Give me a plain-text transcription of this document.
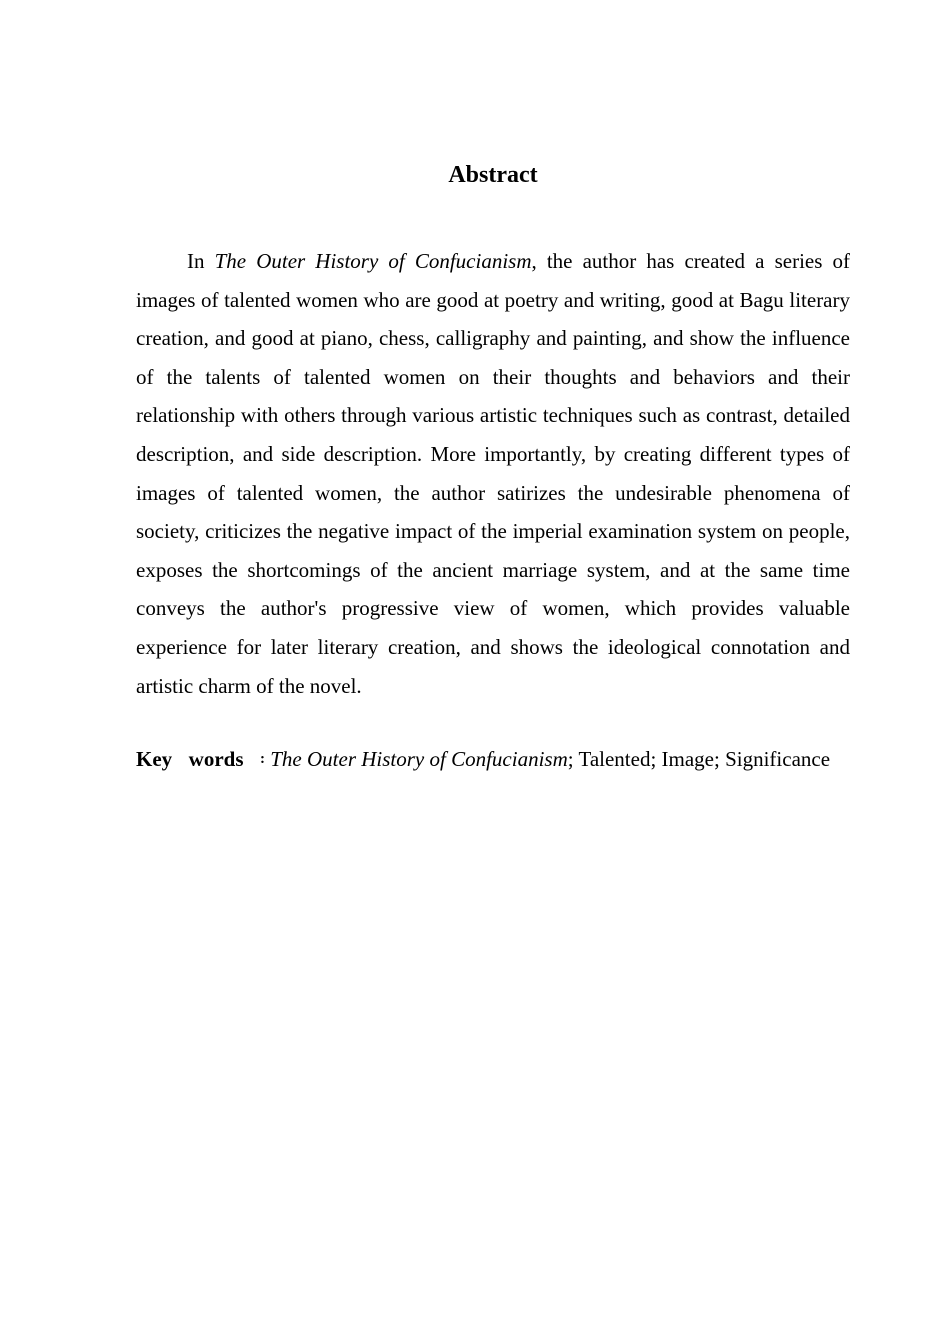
Abstract

In The Outer History of Confucianism, the author has created a series of images of talented women who are good at poetry and writing, good at Bagu literary creation, and good at piano, chess, calligraphy and painting, and show the influence of the talents of talented women on their thoughts and behaviors and their relationship with others through various artistic techniques such as contrast, detailed description, and side description. More importantly, by creating different types of images of talented women, the author satirizes the undesirable phenomena of society, criticizes the negative impact of the imperial examination system on people, exposes the shortcomings of the ancient marriage system, and at the same time conveys the author's progressive view of women, which provides valuable experience for later literary creation, and shows the ideological connotation and artistic charm of the novel.

Key words : The Outer History of Confucianism; Talented; Image; Significance
